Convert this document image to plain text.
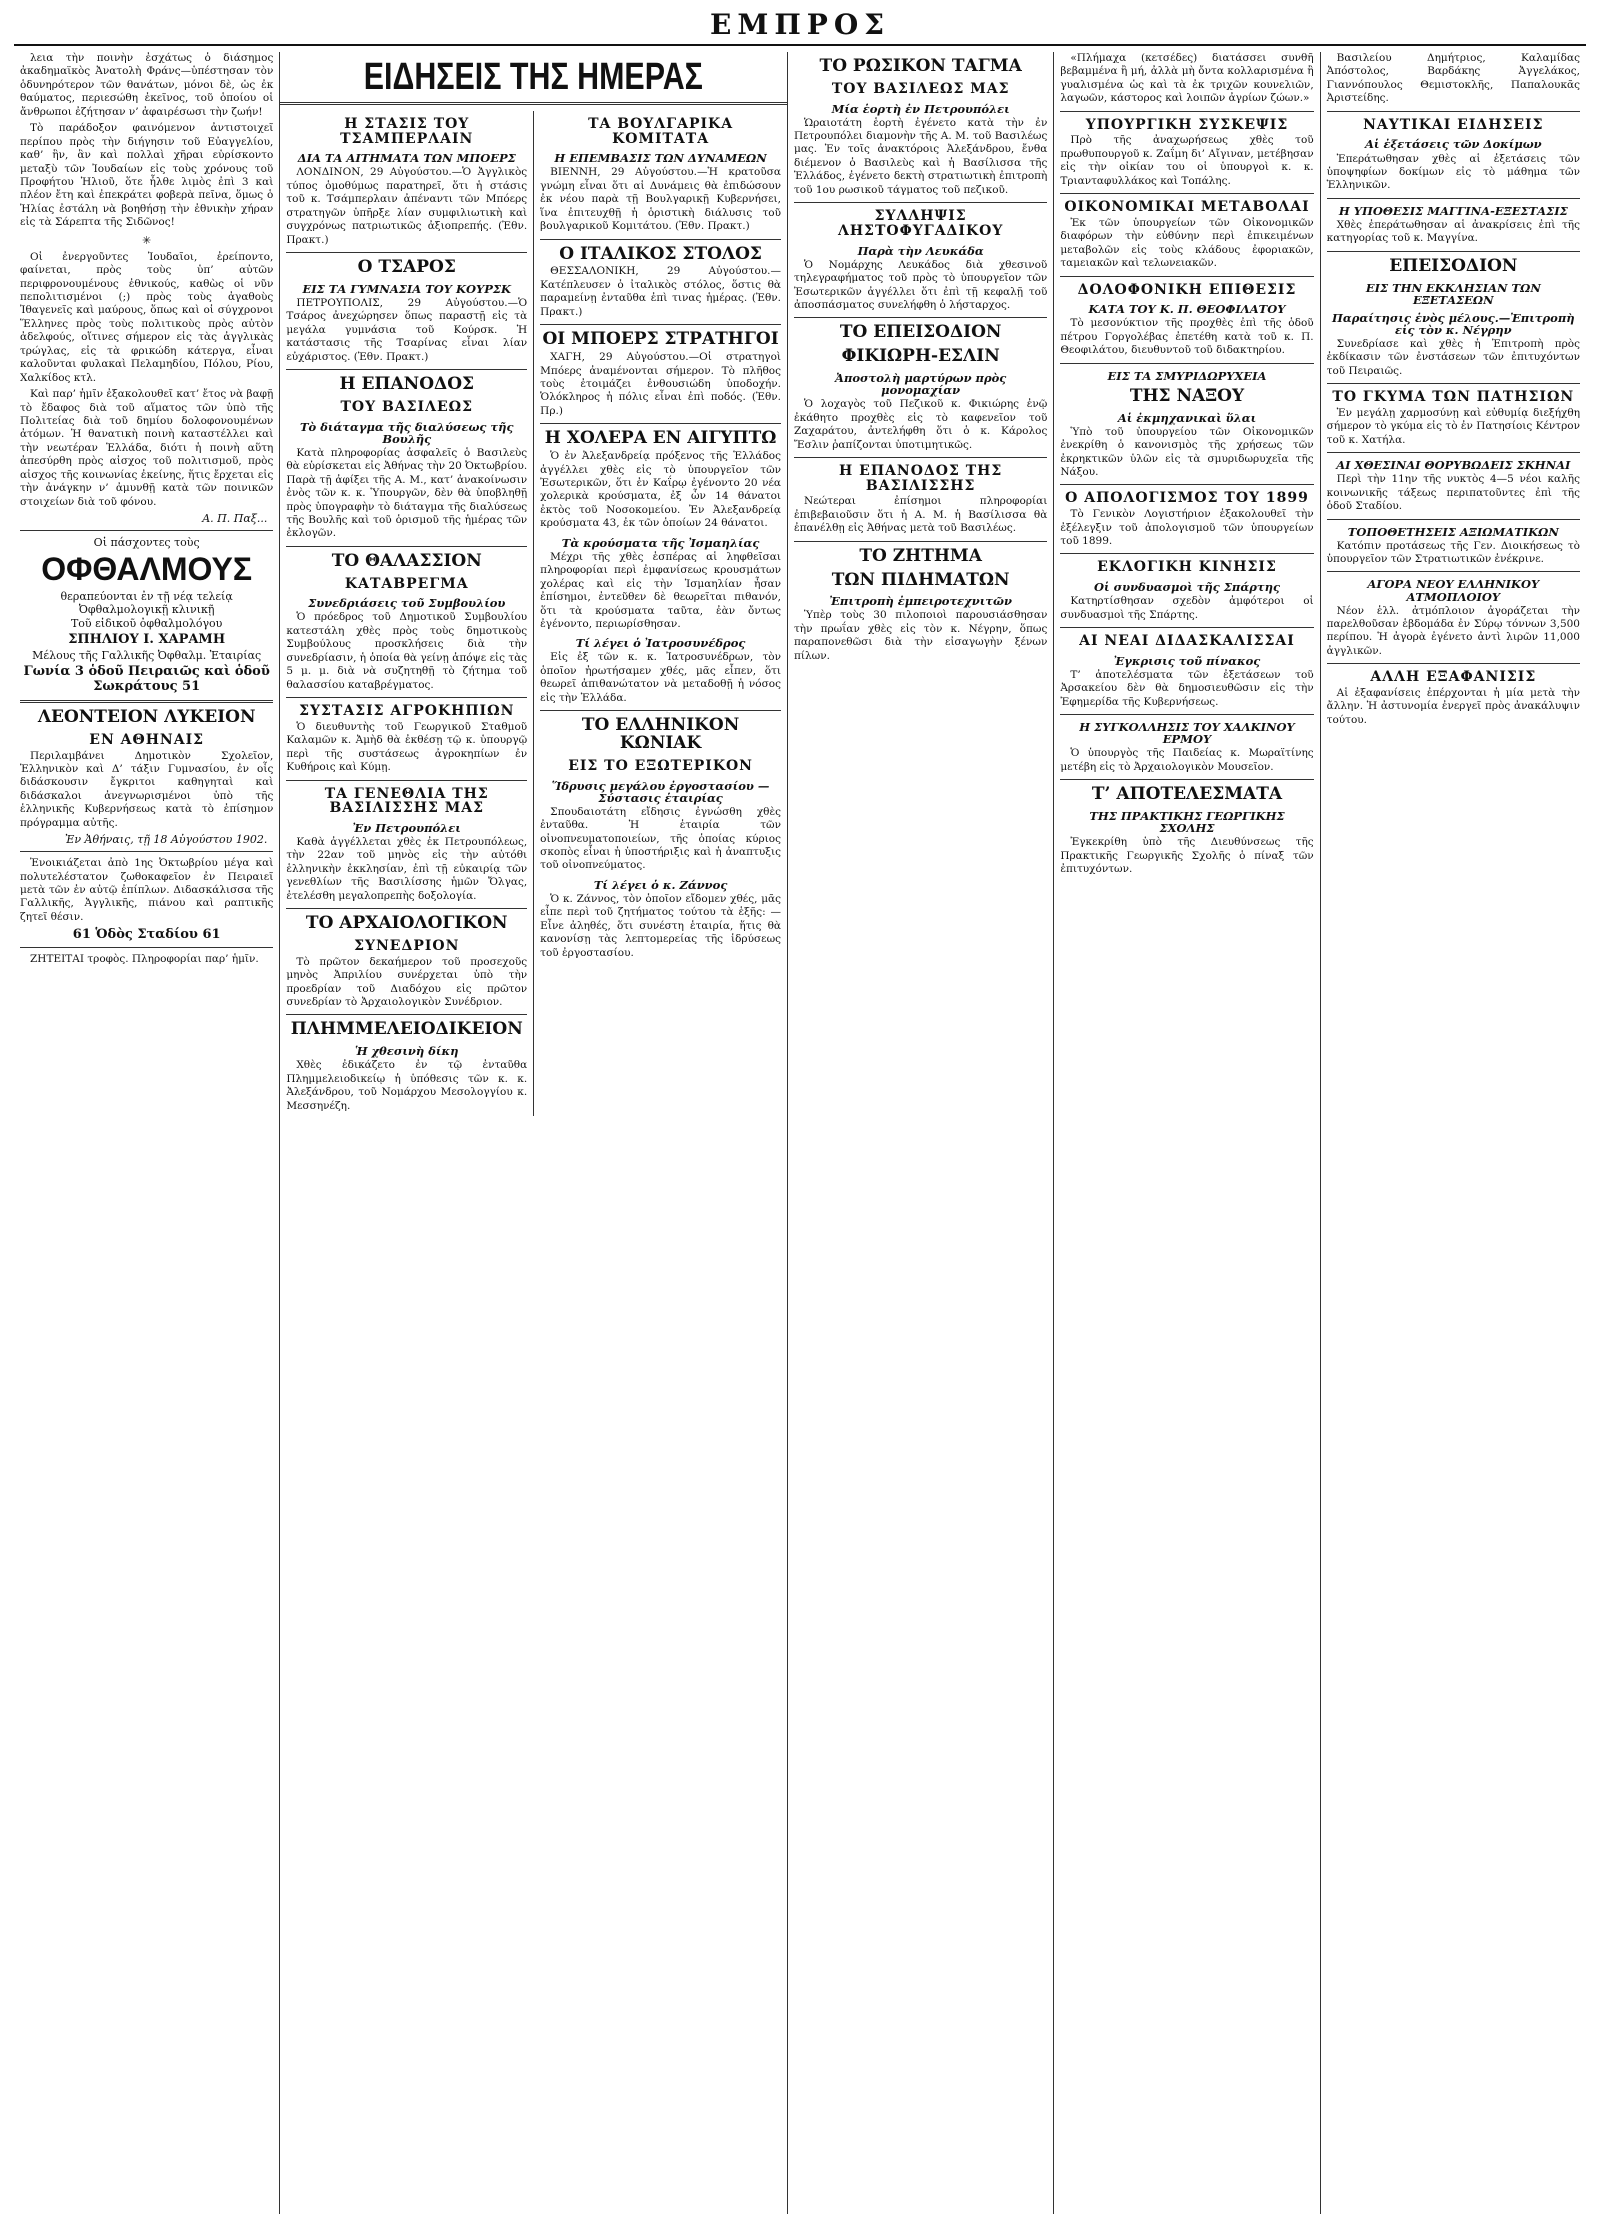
ΕΜΠΡΟΣ

λεια τὴν ποινὴν ἐσχάτως ὁ διάσημος ἀκαδημαϊκὸς Ἀνατολὴ Φράνς—ὑπέστησαν τὸν ὁδυνηρότερον τῶν θανάτων, μόνοι δὲ, ὡς ἐκ θαύματος, περιεσώθη ἐκεῖνος, τοῦ ὁποίου οἱ ἄνθρωποι ἐζήτησαν ν’ ἀφαιρέσωσι τὴν ζωήν!

Τὸ παράδοξον φαινόμενον ἀντιστοιχεῖ περίπου πρὸς τὴν διήγησιν τοῦ Εὐαγγελίου, καθ’ ἣν, ἂν καὶ πολλαὶ χῆραι εὑρίσκοντο μεταξὺ τῶν Ἰουδαίων εἰς τοὺς χρόνους τοῦ Προφήτου Ἠλιοῦ, ὅτε ἦλθε λιμὸς ἐπὶ 3 καὶ πλέον ἔτη καὶ ἐπεκράτει φοβερὰ πεῖνα, ὅμως ὁ Ἠλίας ἐστάλη νὰ βοηθήσῃ τὴν ἐθνικὴν χήραν εἰς τὰ Σάρεπτα τῆς Σιδῶνος!

✳

Οἱ ἐνεργοῦντες Ἰουδαῖοι, ἐρείποντο, φαίνεται, πρὸς τοὺς ὑπ’ αὐτῶν περιφρονουμένους ἐθνικούς, καθὼς οἱ νῦν πεπολιτισμένοι (;) πρὸς τοὺς ἀγαθοὺς Ἰθαγενεῖς καὶ μαύρους, ὅπως καὶ οἱ σύγχρονοι Ἕλληνες πρὸς τοὺς πολιτικοὺς πρὸς αὐτὸν ἀδελφούς, οἵτινες σήμερον εἰς τὰς ἀγγλικὰς τρώγλας, εἰς τὰ φρικώδη κάτεργα, εἶναι καλοῦνται φυλακαὶ Πελαμηδίου, Πόλου, Ρίου, Χαλκίδος κτλ.

Καὶ παρ’ ἡμῖν ἐξακολουθεῖ κατ’ ἔτος νὰ βαφῇ τὸ ἔδαφος διὰ τοῦ αἵματος τῶν ὑπὸ τῆς Πολιτείας διὰ τοῦ δημίου δολοφονουμένων ἀτόμων. Ἡ θανατικὴ ποινὴ καταστέλλει καὶ τὴν νεωτέραν Ἑλλάδα, διότι ἡ ποινὴ αὕτη ἀπεσύρθη πρὸς αἰσχος τοῦ πολιτισμοῦ, πρὸς αἰσχος τῆς κοινωνίας ἐκείνης, ἥτις ἔρχεται εἰς τὴν ἀνάγκην ν’ ἀμυνθῇ κατὰ τῶν ποινικῶν στοιχείων διὰ τοῦ φόνου.

Α. Π. Παξ...
Οἱ πάσχοντες τοὺς
ΟΦΘΑΛΜΟΥΣ
θεραπεύονται ἐν τῇ νέᾳ τελείᾳ Ὀφθαλμολογικῇ κλινικῇ
Τοῦ εἰδικοῦ ὀφθαλμολόγου
ΣΠΗΛΙΟΥ Ι. ΧΑΡΑΜΗ
Μέλους τῆς Γαλλικῆς Ὀφθαλμ. Ἑταιρίας
Γωνία 3 ὁδοῦ Πειραιῶς καὶ ὁδοῦ Σωκράτους 51
ΛΕΟΝΤΕΙΟΝ ΛΥΚΕΙΟΝ
ΕΝ ΑΘΗΝΑΙΣ

Περιλαμβάνει Δημοτικὸν Σχολεῖον, Ἑλληνικὸν καὶ Δ’ τάξιν Γυμνασίου, ἐν οἷς διδάσκουσιν ἔγκριτοι καθηγηταὶ καὶ διδάσκαλοι ἀνεγνωρισμένοι ὑπὸ τῆς ἑλληνικῆς Κυβερνήσεως κατὰ τὸ ἐπίσημον πρόγραμμα αὐτῆς.

Ἐν Ἀθήναις, τῇ 18 Αὐγούστου 1902.

Ἐνοικιάζεται ἀπὸ 1ης Ὀκτωβρίου μέγα καὶ πολυτελέστατον ζωθοκαφεῖον ἐν Πειραιεῖ μετὰ τῶν ἐν αὐτῷ ἐπίπλων. Διδασκάλισσα τῆς Γαλλικῆς, Ἀγγλικῆς, πιάνου καὶ ραπτικῆς ζητεῖ θέσιν.

61 Ὁδὸς Σταδίου 61

ΖΗΤΕΙΤΑΙ τροφὸς. Πληροφορίαι παρ’ ἡμῖν.

ΕΙΔΗΣΕΙΣ ΤΗΣ ΗΜΕΡΑΣ
Η ΣΤΑΣΙΣ ΤΟΥ ΤΣΑΜΠΕΡΛΑΙΝ
ΔΙΑ ΤΑ ΑΙΤΗΜΑΤΑ ΤΩΝ ΜΠΟΕΡΣ

ΛΟΝΔΙΝΟΝ, 29 Αὐγούστου.—Ὁ Ἀγγλικὸς τύπος ὁμοθύμως παρατηρεῖ, ὅτι ἡ στάσις τοῦ κ. Τσάμπερλαιν ἀπέναντι τῶν Μπόερς στρατηγῶν ὑπῆρξε λίαν συμφιλιωτικὴ καὶ συγχρόνως πατριωτικῶς ἀξιοπρεπής. (Ἐθν. Πρακτ.)

Ο ΤΣΑΡΟΣ
ΕΙΣ ΤΑ ΓΥΜΝΑΣΙΑ ΤΟΥ ΚΟΥΡΣΚ

ΠΕΤΡΟΥΠΟΛΙΣ, 29 Αὐγούστου.—Ὁ Τσάρος ἀνεχώρησεν ὅπως παραστῇ εἰς τὰ μεγάλα γυμνάσια τοῦ Κούρσκ. Ἡ κατάστασις τῆς Τσαρίνας εἶναι λίαν εὐχάριστος. (Ἐθν. Πρακτ.)

Η ΕΠΑΝΟΔΟΣ
ΤΟΥ ΒΑΣΙΛΕΩΣ
Τὸ διάταγμα τῆς διαλύσεως τῆς Βουλῆς

Κατὰ πληροφορίας ἀσφαλεῖς ὁ Βασιλεὺς θὰ εὑρίσκεται εἰς Ἀθήνας τὴν 20 Ὀκτωβρίου. Παρὰ τῇ ἀφίξει τῆς Α. Μ., κατ’ ἀνακοίνωσιν ἐνὸς τῶν κ. κ. Ὑπουργῶν, δὲν θὰ ὑποβληθῇ πρὸς ὑπογραφὴν τὸ διάταγμα τῆς διαλύσεως τῆς Βουλῆς καὶ τοῦ ὁρισμοῦ τῆς ἡμέρας τῶν ἐκλογῶν.

ΤΟ ΘΑΛΑΣΣΙΟΝ
ΚΑΤΑΒΡΕΓΜΑ
Συνεδριάσεις τοῦ Συμβουλίου

Ὁ πρόεδρος τοῦ Δημοτικοῦ Συμβουλίου κατεστάλη χθὲς πρὸς τοὺς δημοτικοὺς Συμβούλους προσκλήσεις διὰ τὴν συνεδρίασιν, ἡ ὁποία θὰ γείνῃ ἀπόψε εἰς τὰς 5 μ. μ. διὰ νὰ συζητηθῇ τὸ ζήτημα τοῦ θαλασσίου καταβρέγματος.

ΣΥΣΤΑΣΙΣ ΑΓΡΟΚΗΠΙΩΝ

Ὁ διευθυντὴς τοῦ Γεωργικοῦ Σταθμοῦ Καλαμῶν κ. Ἀμὴδ θὰ ἐκθέσῃ τῷ κ. ὑπουργῷ περὶ τῆς συστάσεως ἀγροκηπίων ἐν Κυθήροις καὶ Κύμῃ.

ΤΑ ΓΕΝΕΘΛΙΑ ΤΗΣ ΒΑΣΙΛΙΣΣΗΣ ΜΑΣ
Ἐν Πετρουπόλει

Καθὰ ἀγγέλλεται χθὲς ἐκ Πετρουπόλεως, τὴν 22αν τοῦ μηνὸς εἰς τὴν αὐτόθι ἑλληνικὴν ἐκκλησίαν, ἐπὶ τῇ εὐκαιρίᾳ τῶν γενεθλίων τῆς Βασιλίσσης ἡμῶν Ὄλγας, ἐτελέσθη μεγαλοπρεπὴς δοξολογία.

ΤΟ ΑΡΧΑΙΟΛΟΓΙΚΟΝ
ΣΥΝΕΔΡΙΟΝ

Τὸ πρῶτον δεκαήμερον τοῦ προσεχοῦς μηνὸς Ἀπριλίου συνέρχεται ὑπὸ τὴν προεδρίαν τοῦ Διαδόχου εἰς πρῶτον συνεδρίαν τὸ Ἀρχαιολογικὸν Συνέδριον.

ΠΛΗΜΜΕΛΕΙΟΔΙΚΕΙΟΝ
Ἡ χθεσινὴ δίκη

Χθὲς ἐδικάζετο ἐν τῷ ἐνταῦθα Πλημμελειοδικείῳ ἡ ὑπόθεσις τῶν κ. κ. Ἀλεξάνδρου, τοῦ Νομάρχου Μεσολογγίου κ. Μεσσηνέζη.

ΤΑ ΒΟΥΛΓΑΡΙΚΑ ΚΟΜΙΤΑΤΑ
Η ΕΠΕΜΒΑΣΙΣ ΤΩΝ ΔΥΝΑΜΕΩΝ

ΒΙΕΝΝΗ, 29 Αὐγούστου.—Ἡ κρατοῦσα γνώμη εἶναι ὅτι αἱ Δυνάμεις θὰ ἐπιδώσουν ἐκ νέου παρὰ τῇ Βουλγαρικῇ Κυβερνήσει, ἵνα ἐπιτευχθῇ ἡ ὁριστικὴ διάλυσις τοῦ βουλγαρικοῦ Κομιτάτου. (Ἐθν. Πρακτ.)

Ο ΙΤΑΛΙΚΟΣ ΣΤΟΛΟΣ

ΘΕΣΣΑΛΟΝΙΚΗ, 29 Αὐγούστου.—Κατέπλευσεν ὁ ἰταλικὸς στόλος, ὅστις θὰ παραμείνῃ ἐνταῦθα ἐπὶ τινας ἡμέρας. (Ἐθν. Πρακτ.)

ΟΙ ΜΠΟΕΡΣ ΣΤΡΑΤΗΓΟΙ

ΧΑΓΗ, 29 Αὐγούστου.—Οἱ στρατηγοὶ Μπόερς ἀναμένονται σήμερον. Τὸ πλῆθος τοὺς ἐτοιμάζει ἐνθουσιώδη ὑποδοχήν. Ὁλόκληρος ἡ πόλις εἶναι ἐπὶ ποδός. (Ἐθν. Πρ.)

Η ΧΟΛΕΡΑ ΕΝ ΑΙΓΥΠΤΩ

Ὁ ἐν Ἀλεξανδρείᾳ πρόξενος τῆς Ἑλλάδος ἀγγέλλει χθὲς εἰς τὸ ὑπουργεῖον τῶν Ἐσωτερικῶν, ὅτι ἐν Καΐρῳ ἐγένοντο 20 νέα χολερικὰ κρούσματα, ἐξ ὧν 14 θάνατοι ἐκτὸς τοῦ Νοσοκομείου. Ἐν Ἀλεξανδρείᾳ κρούσματα 43, ἐκ τῶν ὁποίων 24 θάνατοι.

Τὰ κρούσματα τῆς Ἰσμαηλίας

Μέχρι τῆς χθὲς ἑσπέρας αἱ ληφθεῖσαι πληροφορίαι περὶ ἐμφανίσεως κρουσμάτων χολέρας καὶ εἰς τὴν Ἰσμαηλίαν ἦσαν ἐπίσημοι, ἐντεῦθεν δὲ θεωρεῖται πιθανόν, ὅτι τὰ κρούσματα ταῦτα, ἐὰν ὄντως ἐγένοντο, περιωρίσθησαν.

Τί λέγει ὁ Ἰατροσυνέδρος

Εἰς ἐξ τῶν κ. κ. Ἰατροσυνέδρων, τὸν ὁποῖον ἠρωτήσαμεν χθές, μᾶς εἶπεν, ὅτι θεωρεῖ ἀπιθανώτατον νὰ μεταδοθῇ ἡ νόσος εἰς τὴν Ἑλλάδα.

ΤΟ ΕΛΛΗΝΙΚΟΝ ΚΩΝΙΑΚ
ΕΙΣ ΤΟ ΕΞΩΤΕΡΙΚΟΝ
Ἵδρυσις μεγάλου ἐργοστασίου —Σύστασις ἑταιρίας

Σπουδαιοτάτη εἴδησις ἐγνώσθη χθὲς ἐνταῦθα. Ἡ ἑταιρία τῶν οἰνοπνευματοποιείων, τῆς ὁποίας κύριος σκοπὸς εἶναι ἡ ὑποστήριξις καὶ ἡ ἀναπτυξις τοῦ οἰνοπνεύματος.

Τί λέγει ὁ κ. Ζάννος

Ὁ κ. Ζάννος, τὸν ὁποῖον εἴδομεν χθές, μᾶς εἶπε περὶ τοῦ ζητήματος τούτου τὰ ἑξῆς: —Εἶνε ἀληθές, ὅτι συνέστη ἑταιρία, ἥτις θὰ κανονίσῃ τὰς λεπτομερείας τῆς ἱδρύσεως τοῦ ἐργοστασίου.

ΤΟ ΡΩΣΙΚΟΝ ΤΑΓΜΑ
ΤΟΥ ΒΑΣΙΛΕΩΣ ΜΑΣ
Μία ἑορτὴ ἐν Πετρουπόλει

Ὡραιοτάτη ἑορτὴ ἐγένετο κατὰ τὴν ἐν Πετρουπόλει διαμονὴν τῆς Α. Μ. τοῦ Βασιλέως μας. Ἐν τοῖς ἀνακτόροις Ἀλεξάνδρου, ἔνθα διέμενον ὁ Βασιλεὺς καὶ ἡ Βασίλισσα τῆς Ἑλλάδος, ἐγένετο δεκτὴ στρατιωτικὴ ἐπιτροπὴ τοῦ 1ου ρωσικοῦ τάγματος τοῦ πεζικοῦ.

ΣΥΛΛΗΨΙΣ ΛΗΣΤΟΦΥΓΑΔΙΚΟΥ
Παρὰ τὴν Λευκάδα

Ὁ Νομάρχης Λευκάδος διὰ χθεσινοῦ τηλεγραφήματος τοῦ πρὸς τὸ ὑπουργεῖον τῶν Ἐσωτερικῶν ἀγγέλλει ὅτι ἐπὶ τῇ κεφαλῇ τοῦ ἀποσπάσματος συνελήφθη ὁ λήσταρχος.

ΤΟ ΕΠΕΙΣΟΔΙΟΝ
ΦΙΚΙΩΡΗ-ΕΣΛΙΝ
Ἀποστολὴ μαρτύρων πρὸς μονομαχίαν

Ὁ λοχαγὸς τοῦ Πεζικοῦ κ. Φικιώρης ἐνῷ ἐκάθητο προχθὲς εἰς τὸ καφενεῖον τοῦ Ζαχαράτου, ἀντελήφθη ὅτι ὁ κ. Κάρολος Ἔσλιν ῥαπίζονται ὑποτιμητικῶς.

Η ΕΠΑΝΟΔΟΣ ΤΗΣ ΒΑΣΙΛΙΣΣΗΣ

Νεώτεραι ἐπίσημοι πληροφορίαι ἐπιβεβαιοῦσιν ὅτι ἡ Α. Μ. ἡ Βασίλισσα θὰ ἐπανέλθῃ εἰς Ἀθήνας μετὰ τοῦ Βασιλέως.

ΤΟ ΖΗΤΗΜΑ
ΤΩΝ ΠΙΔΗΜΑΤΩΝ
Ἐπιτροπὴ ἐμπειροτεχνιτῶν

Ὑπὲρ τοὺς 30 πιλοποιοὶ παρουσιάσθησαν τὴν πρωΐαν χθὲς εἰς τὸν κ. Νέγρην, ὅπως παραπονεθῶσι διὰ τὴν εἰσαγωγὴν ξένων πίλων.

«Πλήμαχα (κετσέδες) διατάσσει συνθῆ βεβαμμένα ἢ μή, ἀλλὰ μὴ ὄντα κολλαρισμένα ἢ γυαλισμένα ὡς καὶ τὰ ἐκ τριχῶν κουνελιῶν, λαγωῶν, κάστορος καὶ λοιπῶν ἀγρίων ζώων.»

ΥΠΟΥΡΓΙΚΗ ΣΥΣΚΕΨΙΣ

Πρὸ τῆς ἀναχωρήσεως χθὲς τοῦ πρωθυπουργοῦ κ. Ζαΐμη δι’ Αἴγιναν, μετέβησαν εἰς τὴν οἰκίαν του οἱ ὑπουργοὶ κ. κ. Τριανταφυλλάκος καὶ Τοπάλης.

ΟΙΚΟΝΟΜΙΚΑΙ ΜΕΤΑΒΟΛΑΙ

Ἐκ τῶν ὑπουργείων τῶν Οἰκονομικῶν διαφόρων τὴν εὐθύνην περὶ ἐπικειμένων μεταβολῶν εἰς τοὺς κλάδους ἐφοριακῶν, ταμειακῶν καὶ τελωνειακῶν.

ΔΟΛΟΦΟΝΙΚΗ ΕΠΙΘΕΣΙΣ
ΚΑΤΑ ΤΟΥ Κ. Π. ΘΕΟΦΙΛΑΤΟΥ

Τὸ μεσονύκτιον τῆς προχθὲς ἐπὶ τῆς ὁδοῦ πέτρου Γοργολέβας ἐπετέθη κατὰ τοῦ κ. Π. Θεοφιλάτου, διευθυντοῦ τοῦ διδακτηρίου.

ΕΙΣ ΤΑ ΣΜΥΡΙΔΩΡΥΧΕΙΑ
ΤΗΣ ΝΑΞΟΥ
Αἱ ἐκμηχανικαὶ ὕλαι

Ὑπὸ τοῦ ὑπουργείου τῶν Οἰκονομικῶν ἐνεκρίθη ὁ κανονισμὸς τῆς χρήσεως τῶν ἐκρηκτικῶν ὑλῶν εἰς τὰ σμυριδωρυχεῖα τῆς Νάξου.

Ο ΑΠΟΛΟΓΙΣΜΟΣ ΤΟΥ 1899

Τὸ Γενικὸν Λογιστήριον ἐξακολουθεῖ τὴν ἐξέλεγξιν τοῦ ἀπολογισμοῦ τῶν ὑπουργείων τοῦ 1899.

ΕΚΛΟΓΙΚΗ ΚΙΝΗΣΙΣ
Οἱ συνδυασμοὶ τῆς Σπάρτης

Κατηρτίσθησαν σχεδὸν ἀμφότεροι οἱ συνδυασμοὶ τῆς Σπάρτης.

ΑΙ ΝΕΑΙ ΔΙΔΑΣΚΑΛΙΣΣΑΙ
Ἐγκρισις τοῦ πίνακος

Τ’ ἀποτελέσματα τῶν ἐξετάσεων τοῦ Ἀρσακείου δὲν θὰ δημοσιευθῶσιν εἰς τὴν Ἐφημερίδα τῆς Κυβερνήσεως.

Η ΣΥΓΚΟΛΛΗΣΙΣ ΤΟΥ ΧΑΛΚΙΝΟΥ ΕΡΜΟΥ

Ὁ ὑπουργὸς τῆς Παιδείας κ. Μωραϊτίνης μετέβη εἰς τὸ Ἀρχαιολογικὸν Μουσεῖον.

Τ’ ΑΠΟΤΕΛΕΣΜΑΤΑ
ΤΗΣ ΠΡΑΚΤΙΚΗΣ ΓΕΩΡΓΙΚΗΣ ΣΧΟΛΗΣ

Ἐγκεκρίθη ὑπὸ τῆς Διευθύνσεως τῆς Πρακτικῆς Γεωργικῆς Σχολῆς ὁ πίναξ τῶν ἐπιτυχόντων.

Βασιλείου Δημήτριος, Καλαμίδας Ἀπόστολος, Βαρδάκης Ἀγγελάκος, Γιαννόπουλος Θεμιστοκλῆς, Παπαλουκᾶς Ἀριστείδης.

ΝΑΥΤΙΚΑΙ ΕΙΔΗΣΕΙΣ
Αἱ ἐξετάσεις τῶν Δοκίμων

Ἐπεράτωθησαν χθὲς αἱ ἐξετάσεις τῶν ὑποψηφίων δοκίμων εἰς τὸ μάθημα τῶν Ἑλληνικῶν.

Η ΥΠΟΘΕΣΙΣ ΜΑΓΓΙΝΑ-ΕΞΕΣΤΑΣΙΣ

Χθὲς ἐπεράτωθησαν αἱ ἀνακρίσεις ἐπὶ τῆς κατηγορίας τοῦ κ. Μαγγίνα.

ΕΠΕΙΣΟΔΙΟΝ
ΕΙΣ ΤΗΝ ΕΚΚΛΗΣΙΑΝ ΤΩΝ ΕΞΕΤΑΣΕΩΝ
Παραίτησις ἑνὸς μέλους.—Ἐπιτροπὴ εἰς τὸν κ. Νέγρην

Συνεδρίασε καὶ χθὲς ἡ Ἐπιτροπὴ πρὸς ἐκδίκασιν τῶν ἐνστάσεων τῶν ἐπιτυχόντων τοῦ Πειραιῶς.

ΤΟ ΓΚΥΜΑ ΤΩΝ ΠΑΤΗΣΙΩΝ

Ἐν μεγάλῃ χαρμοσύνῃ καὶ εὐθυμίᾳ διεξήχθη σήμερον τὸ γκύμα εἰς τὸ ἐν Πατησίοις Κέντρον τοῦ κ. Χατήλα.

ΑΙ ΧΘΕΣΙΝΑΙ ΘΟΡΥΒΩΔΕΙΣ ΣΚΗΝΑΙ

Περὶ τὴν 11ην τῆς νυκτὸς 4—5 νέοι καλῆς κοινωνικῆς τάξεως περιπατοῦντες ἐπὶ τῆς ὁδοῦ Σταδίου.

ΤΟΠΟΘΕΤΗΣΕΙΣ ΑΞΙΩΜΑΤΙΚΩΝ

Κατόπιν προτάσεως τῆς Γεν. Διοικήσεως τὸ ὑπουργεῖον τῶν Στρατιωτικῶν ἐνέκρινε.

ΑΓΟΡΑ ΝΕΟΥ ΕΛΛΗΝΙΚΟΥ ΑΤΜΟΠΛΟΙΟΥ

Νέον ἑλλ. ἀτμόπλοιον ἀγοράζεται τὴν παρελθοῦσαν ἑβδομάδα ἐν Σύρῳ τόννων 3,500 περίπου. Ἡ ἀγορὰ ἐγένετο ἀντὶ λιρῶν 11,000 ἀγγλικῶν.

ΑΛΛΗ ΕΞΑΦΑΝΙΣΙΣ

Αἱ ἐξαφανίσεις ἐπέρχονται ἡ μία μετὰ τὴν ἄλλην. Ἡ ἀστυνομία ἐνεργεῖ πρὸς ἀνακάλυψιν τούτου.
